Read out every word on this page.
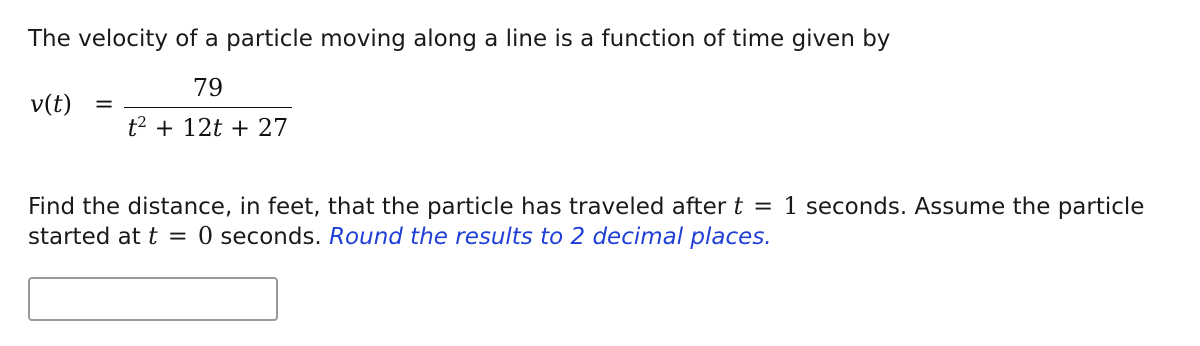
The velocity of a particle moving along a line is a function of time given by
v(t) =
79
$t^2 + 12t + 27$
Find the distance, in feet, that the particle has traveled after t = 1 seconds. Assume the particle started at t = 0 seconds. Round the results to 2 decimal places.
